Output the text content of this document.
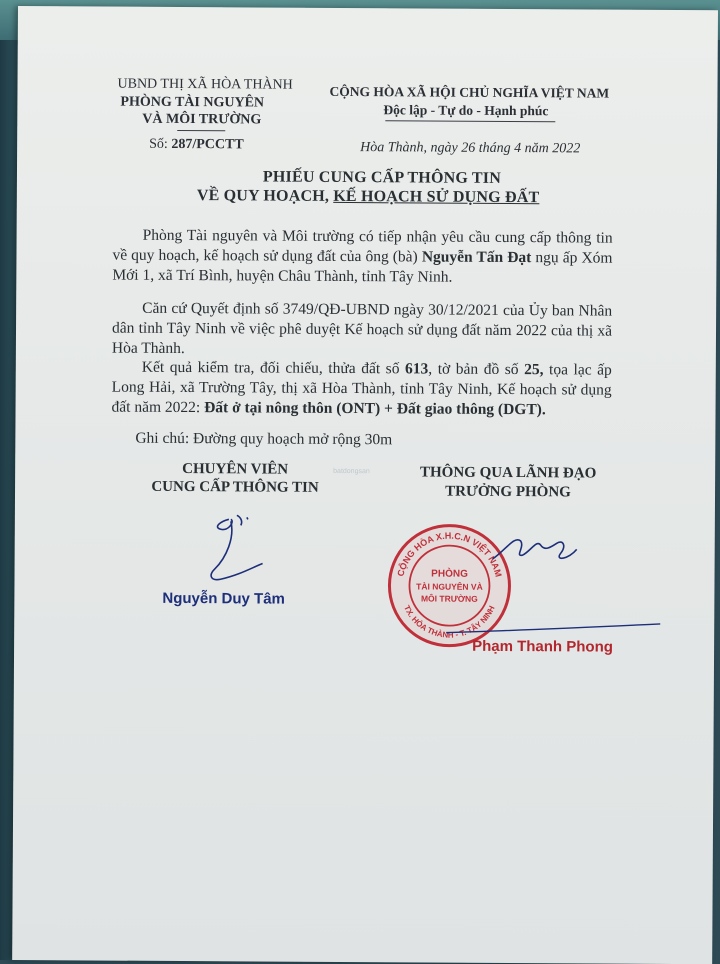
UBND THỊ XÃ HÒA THÀNH
PHÒNG TÀI NGUYÊN
VÀ MÔI TRƯỜNG
Số: 287/PCCTT
CỘNG HÒA XÃ HỘI CHỦ NGHĨA VIỆT NAM
Độc lập - Tự do - Hạnh phúc
Hòa Thành, ngày 26 tháng 4 năm 2022
PHIẾU CUNG CẤP THÔNG TIN
VỀ QUY HOẠCH, KẾ HOẠCH SỬ DỤNG ĐẤT
Phòng Tài nguyên và Môi trường có tiếp nhận yêu cầu cung cấp thông tin về quy hoạch, kế hoạch sử dụng đất của ông (bà) Nguyễn Tấn Đạt ngụ ấp Xóm Mới 1, xã Trí Bình, huyện Châu Thành, tỉnh Tây Ninh.
Căn cứ Quyết định số 3749/QĐ-UBND ngày 30/12/2021 của Ủy ban Nhân dân tỉnh Tây Ninh về việc phê duyệt Kế hoạch sử dụng đất năm 2022 của thị xã Hòa Thành.
Kết quả kiểm tra, đối chiếu, thửa đất số 613, tờ bản đồ số 25, tọa lạc ấp Long Hải, xã Trường Tây, thị xã Hòa Thành, tỉnh Tây Ninh, Kế hoạch sử dụng đất năm 2022: Đất ở tại nông thôn (ONT) + Đất giao thông (DGT).
Ghi chú: Đường quy hoạch mở rộng 30m
CHUYÊN VIÊN
CUNG CẤP THÔNG TIN
THÔNG QUA LÃNH ĐẠO
TRƯỞNG PHÒNG
batdongsan
Nguyễn Duy Tâm
CỘNG HÒA X.H.C.N VIỆT NAM
TX. HÒA THÀNH - T. TÂY NINH
PHÒNG
TÀI NGUYÊN VÀ
MÔI TRƯỜNG
Phạm Thanh Phong
